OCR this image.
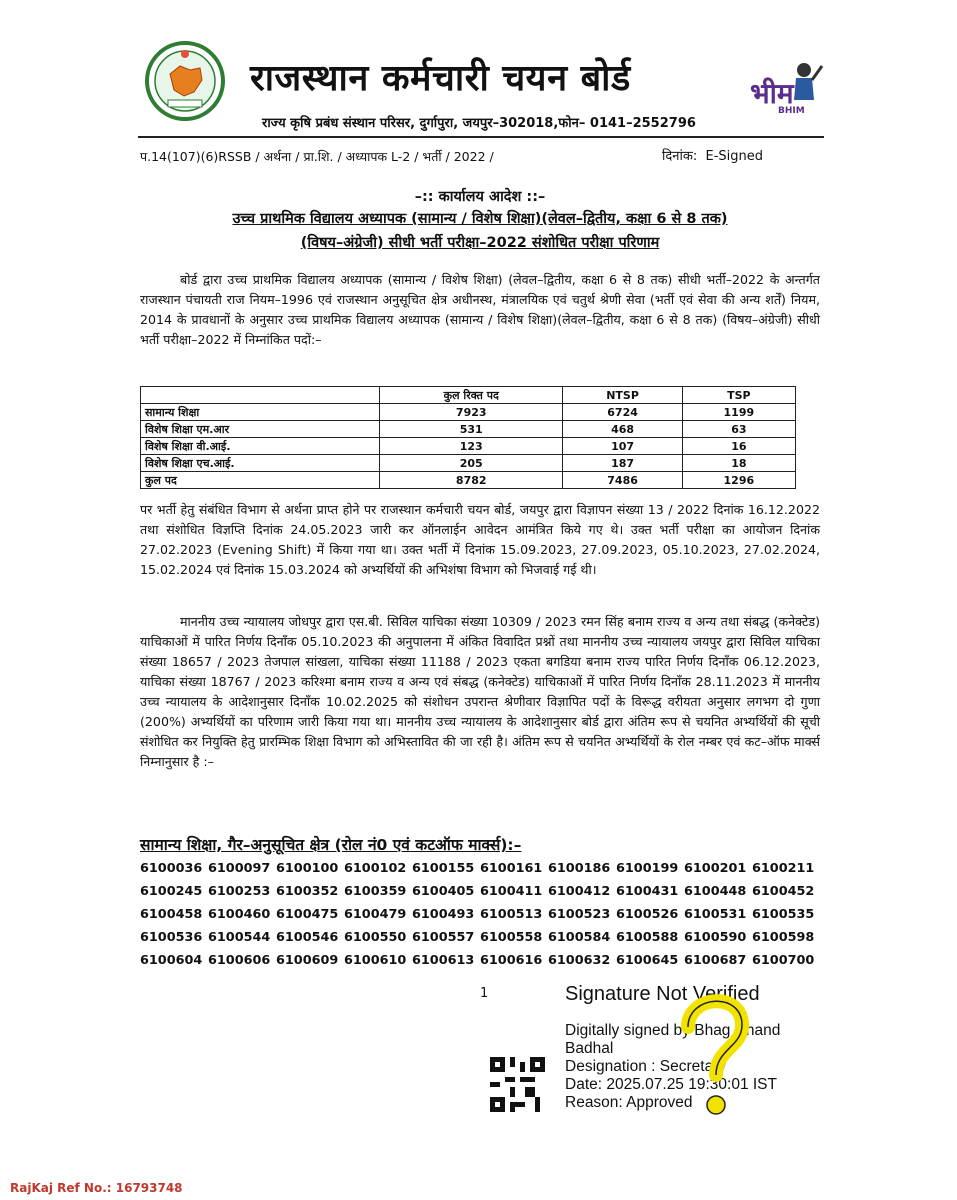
राजस्थान कर्मचारी चयन बोर्ड
राज्य कृषि प्रबंध संस्थान परिसर, दुर्गापुरा, जयपुर–302018,फोन– 0141–2552796
भीम
BHIM
प.14(107)(6)RSSB / अर्थना / प्रा.शि. / अध्यापक L-2 / भर्ती / 2022 /	दिनांक: E-Signed
–:: कार्यालय आदेश ::–
उच्च प्राथमिक विद्यालय अध्यापक (सामान्य / विशेष शिक्षा)(लेवल–द्वितीय, कक्षा 6 से 8 तक)
(विषय–अंग्रेजी) सीधी भर्ती परीक्षा–2022 संशोधित परीक्षा परिणाम

बोर्ड द्वारा उच्च प्राथमिक विद्यालय अध्यापक (सामान्य / विशेष शिक्षा) (लेवल–द्वितीय, कक्षा 6 से 8 तक) सीधी भर्ती–2022 के अन्तर्गत राजस्थान पंचायती राज नियम–1996 एवं राजस्थान अनुसूचित क्षेत्र अधीनस्थ, मंत्रालयिक एवं चतुर्थ श्रेणी सेवा (भर्ती एवं सेवा की अन्य शर्तें) नियम, 2014 के प्रावधानों के अनुसार उच्च प्राथमिक विद्यालय अध्यापक (सामान्य / विशेष शिक्षा)(लेवल–द्वितीय, कक्षा 6 से 8 तक) (विषय–अंग्रेजी) सीधी भर्ती परीक्षा–2022 में निम्नांकित पदों:–

	कुल रिक्त पद	NTSP	TSP
सामान्य शिक्षा	7923	6724	1199
विशेष शिक्षा एम.आर	531	468	63
विशेष शिक्षा वी.आई.	123	107	16
विशेष शिक्षा एच.आई.	205	187	18
कुल पद	8782	7486	1296

पर भर्ती हेतु संबंधित विभाग से अर्थना प्राप्त होने पर राजस्थान कर्मचारी चयन बोर्ड, जयपुर द्वारा विज्ञापन संख्या 13 / 2022 दिनांक 16.12.2022 तथा संशोधित विज्ञप्ति दिनांक 24.05.2023 जारी कर ऑनलाईन आवेदन आमंत्रित किये गए थे। उक्त भर्ती परीक्षा का आयोजन दिनांक 27.02.2023 (Evening Shift) में किया गया था। उक्त भर्ती में दिनांक 15.09.2023, 27.09.2023, 05.10.2023, 27.02.2024, 15.02.2024 एवं दिनांक 15.03.2024 को अभ्यर्थियों की अभिशंषा विभाग को भिजवाई गई थी।

माननीय उच्च न्यायालय जोधपुर द्वारा एस.बी. सिविल याचिका संख्या 10309 / 2023 रमन सिंह बनाम राज्य व अन्य तथा संबद्ध (कनेक्टेड) याचिकाओं में पारित निर्णय दिनाँक 05.10.2023 की अनुपालना में अंकित विवादित प्रश्नों तथा माननीय उच्च न्यायालय जयपुर द्वारा सिविल याचिका संख्या 18657 / 2023 तेजपाल सांखला, याचिका संख्या 11188 / 2023 एकता बगडिया बनाम राज्य पारित निर्णय दिनाँक 06.12.2023, याचिका संख्या 18767 / 2023 करिश्मा बनाम राज्य व अन्य एवं संबद्ध (कनेक्टेड) याचिकाओं में पारित निर्णय दिनाँक 28.11.2023 में माननीय उच्च न्यायालय के आदेशानुसार दिनाँक 10.02.2025 को संशोधन उपरान्त श्रेणीवार विज्ञापित पदों के विरूद्ध वरीयता अनुसार लगभग दो गुणा (200%) अभ्यर्थियों का परिणाम जारी किया गया था। माननीय उच्च न्यायालय के आदेशानुसार बोर्ड द्वारा अंतिम रूप से चयनित अभ्यर्थियों की सूची संशोधित कर नियुक्ति हेतु प्रारम्भिक शिक्षा विभाग को अभिस्तावित की जा रही है। अंतिम रूप से चयनित अभ्यर्थियों के रोल नम्बर एवं कट–ऑफ मार्क्स निम्नानुसार है :–

सामान्य शिक्षा, गैर–अनुसूचित क्षेत्र (रोल नं0 एवं कटऑफ मार्क्स):–
6100036 6100097 6100100 6100102 6100155 6100161 6100186 6100199 6100201 6100211
6100245 6100253 6100352 6100359 6100405 6100411 6100412 6100431 6100448 6100452
6100458 6100460 6100475 6100479 6100493 6100513 6100523 6100526 6100531 6100535
6100536 6100544 6100546 6100550 6100557 6100558 6100584 6100588 6100590 6100598
6100604 6100606 6100609 6100610 6100613 6100616 6100632 6100645 6100687 6100700
1	Signature Not Verified
Digitally signed by Bhag Chand
Badhal
Designation : Secretary
Date: 2025.07.25 19:30:01 IST
Reason: Approved
RajKaj Ref No.: 16793748
